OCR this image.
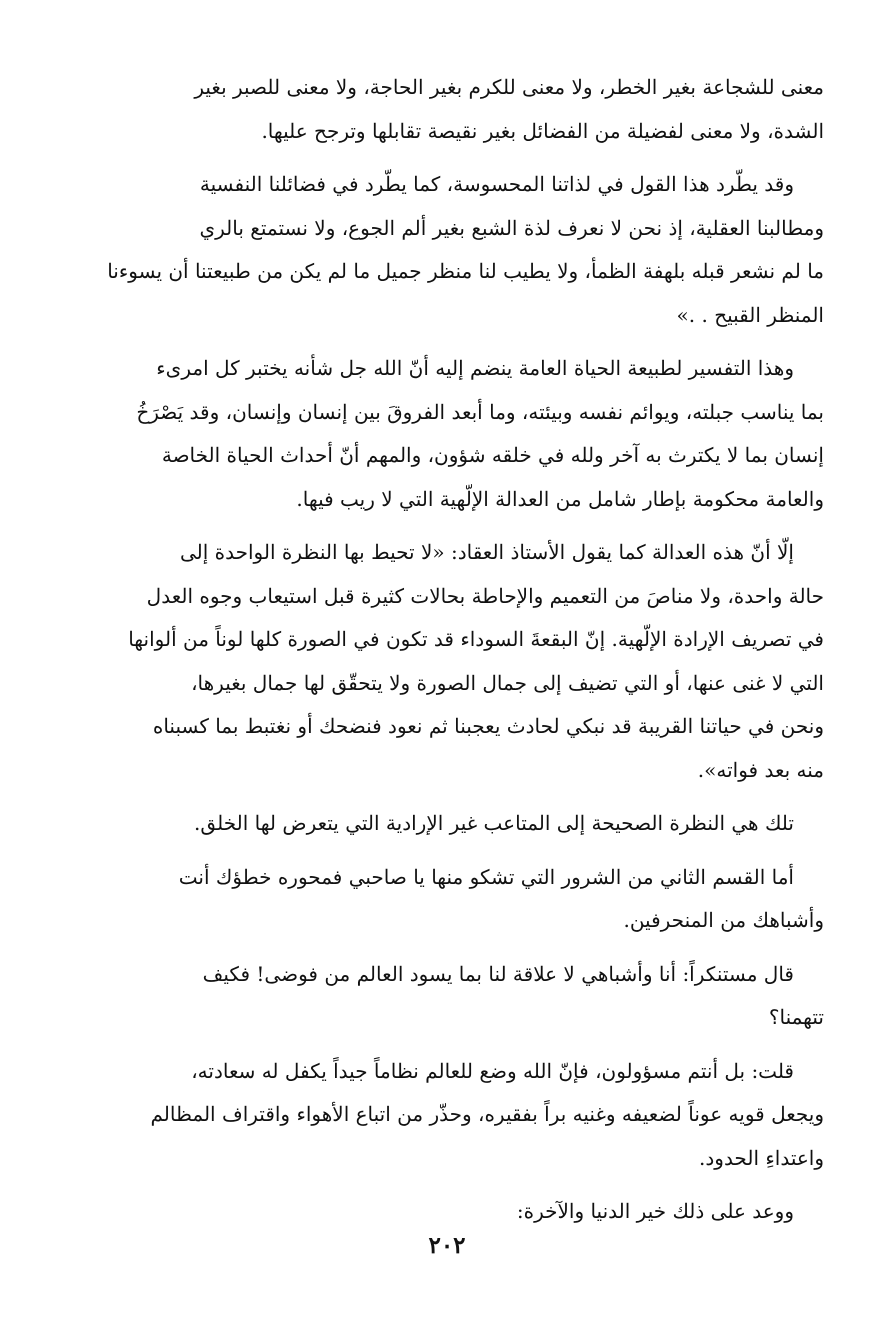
معنى للشجاعة بغير الخطر، ولا معنى للكرم بغير الحاجة، ولا معنى للصبر بغير
الشدة، ولا معنى لفضيلة من الفضائل بغير نقيصة تقابلها وترجح عليها.
وقد يطّرد هذا القول في لذاتنا المحسوسة، كما يطّرد في فضائلنا النفسية
ومطالبنا العقلية، إذ نحن لا نعرف لذة الشبع بغير ألم الجوع، ولا نستمتع بالري
ما لم نشعر قبله بلهفة الظمأ، ولا يطيب لنا منظر جميل ما لم يكن من طبيعتنا أن يسوءنا
المنظر القبيح . .»
وهذا التفسير لطبيعة الحياة العامة ينضم إليه أنّ الله جل شأنه يختبر كل امرىء
بما يناسب جبلته، ويوائم نفسه وبيئته، وما أبعد الفروقَ بين إنسان وإنسان، وقد يَصْرَخُ
إنسان بما لا يكترث به آخر ولله في خلقه شؤون، والمهم أنّ أحداث الحياة الخاصة
والعامة محكومة بإطار شامل من العدالة الإلّهية التي لا ريب فيها.
إلّا أنّ هذه العدالة كما يقول الأستاذ العقاد: «لا تحيط بها النظرة الواحدة إلى
حالة واحدة، ولا مناصَ من التعميم والإحاطة بحالات كثيرة قبل استيعاب وجوه العدل
في تصريف الإرادة الإلّهية. إنّ البقعةَ السوداء قد تكون في الصورة كلها لوناً من ألوانها
التي لا غنى عنها، أو التي تضيف إلى جمال الصورة ولا يتحقّق لها جمال بغيرها،
ونحن في حياتنا القريبة قد نبكي لحادث يعجبنا ثم نعود فنضحك أو نغتبط بما كسبناه
منه بعد فواته».
تلك هي النظرة الصحيحة إلى المتاعب غير الإرادية التي يتعرض لها الخلق.
أما القسم الثاني من الشرور التي تشكو منها يا صاحبي فمحوره خطؤك أنت
وأشباهك من المنحرفين.
قال مستنكراً: أنا وأشباهي لا علاقة لنا بما يسود العالم من فوضى! فكيف
تتهمنا؟
قلت: بل أنتم مسؤولون، فإنّ الله وضع للعالم نظاماً جيداً يكفل له سعادته،
ويجعل قويه عوناً لضعيفه وغنيه براً بفقيره، وحذّر من اتباع الأهواء واقتراف المظالم
واعتداءِ الحدود.
ووعد على ذلك خير الدنيا والآخرة:
٢٠٢
